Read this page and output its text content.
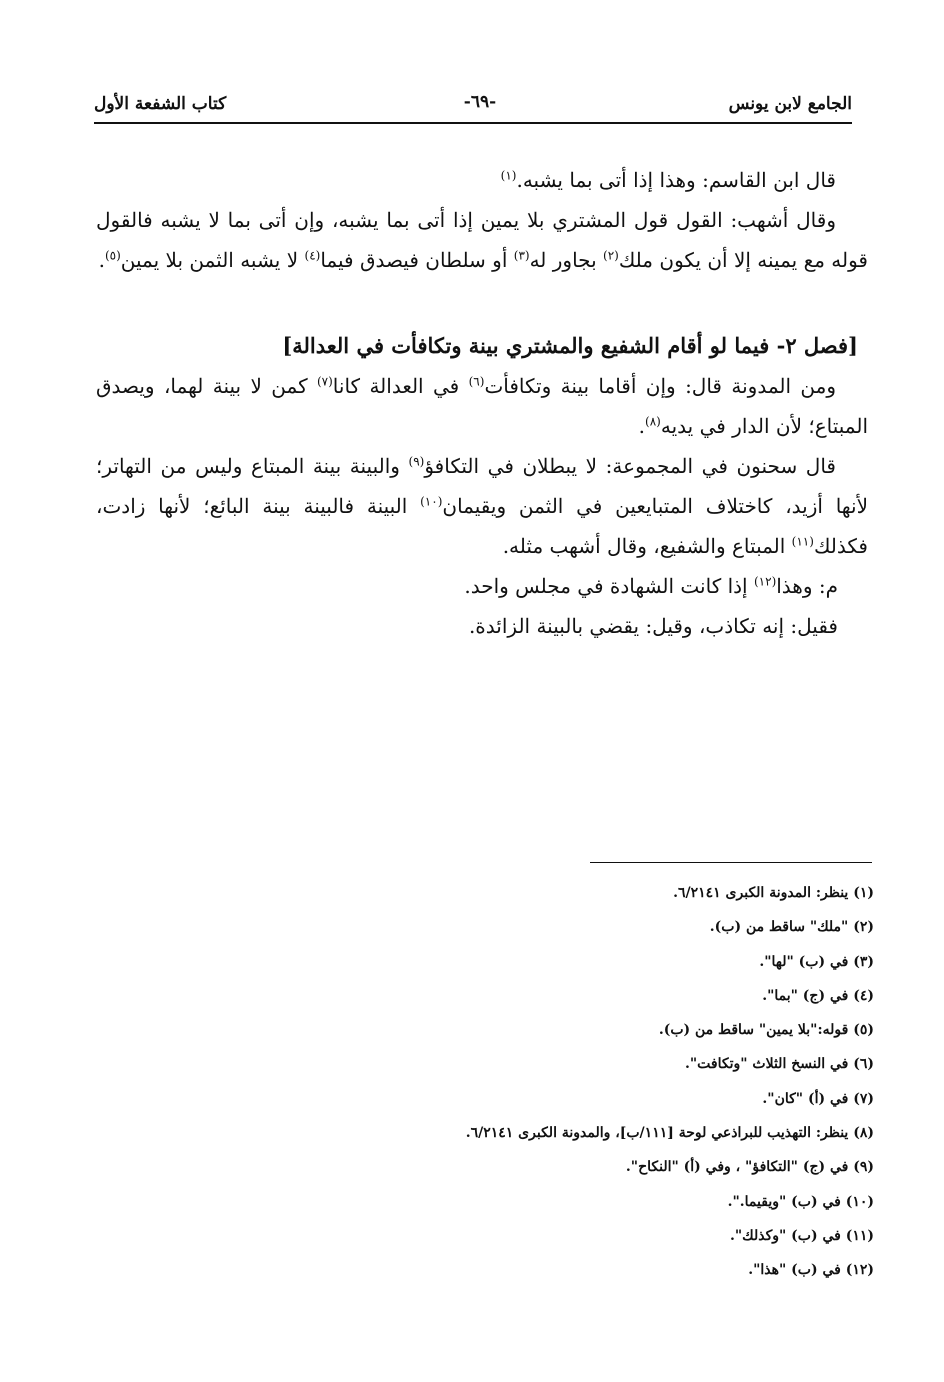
الجامع لابن يونس
-٦٩-
كتاب الشفعة الأول

قال ابن القاسم: وهذا إذا أتى بما يشبه.$^{(١)}$

وقال أشهب: القول قول المشتري بلا يمين إذا أتى بما يشبه، وإن أتى بما لا يشبه فالقول قوله مع يمينه إلا أن يكون ملك$^{(٢)}$ بجاور له$^{(٣)}$ أو سلطان فيصدق فيما$^{(٤)}$ لا يشبه الثمن بلا يمين$^{(٥)}$.

[فصل ٢- فيما لو أقام الشفيع والمشتري بينة وتكافأت في العدالة]

ومن المدونة قال: وإن أقاما بينة وتكافأت$^{(٦)}$ في العدالة كانا$^{(٧)}$ كمن لا بينة لهما، ويصدق المبتاع؛ لأن الدار في يديه$^{(٨)}$.

قال سحنون في المجموعة: لا يبطلان في التكافؤ$^{(٩)}$ والبينة بينة المبتاع وليس من التهاتر؛ لأنها أزيد، كاختلاف المتبايعين في الثمن ويقيمان$^{(١٠)}$ البينة فالبينة بينة البائع؛ لأنها زادت، فكذلك$^{(١١)}$ المبتاع والشفيع، وقال أشهب مثله.

م: وهذا$^{(١٢)}$ إذا كانت الشهادة في مجلس واحد.

فقيل: إنه تكاذب، وقيل: يقضي بالبينة الزائدة.

(١) ينظر: المدونة الكبرى ٦/٢١٤١.

(٢) "ملك" ساقط من (ب).

(٣) في (ب) "لها".

(٤) في (ج) "بما".

(٥) قوله:"بلا يمين" ساقط من (ب).

(٦) في النسخ الثلاث "وتكافت".

(٧) في (أ) "كان".

(٨) ينظر: التهذيب للبراذعي لوحة [١١١/ب]، والمدونة الكبرى ٦/٢١٤١.

(٩) في (ج) "التكافؤ" ، وفي (أ) "النكاح".

(١٠) في (ب) "ويقيما.".

(١١) في (ب) "وكذلك".

(١٢) في (ب) "هذا".
